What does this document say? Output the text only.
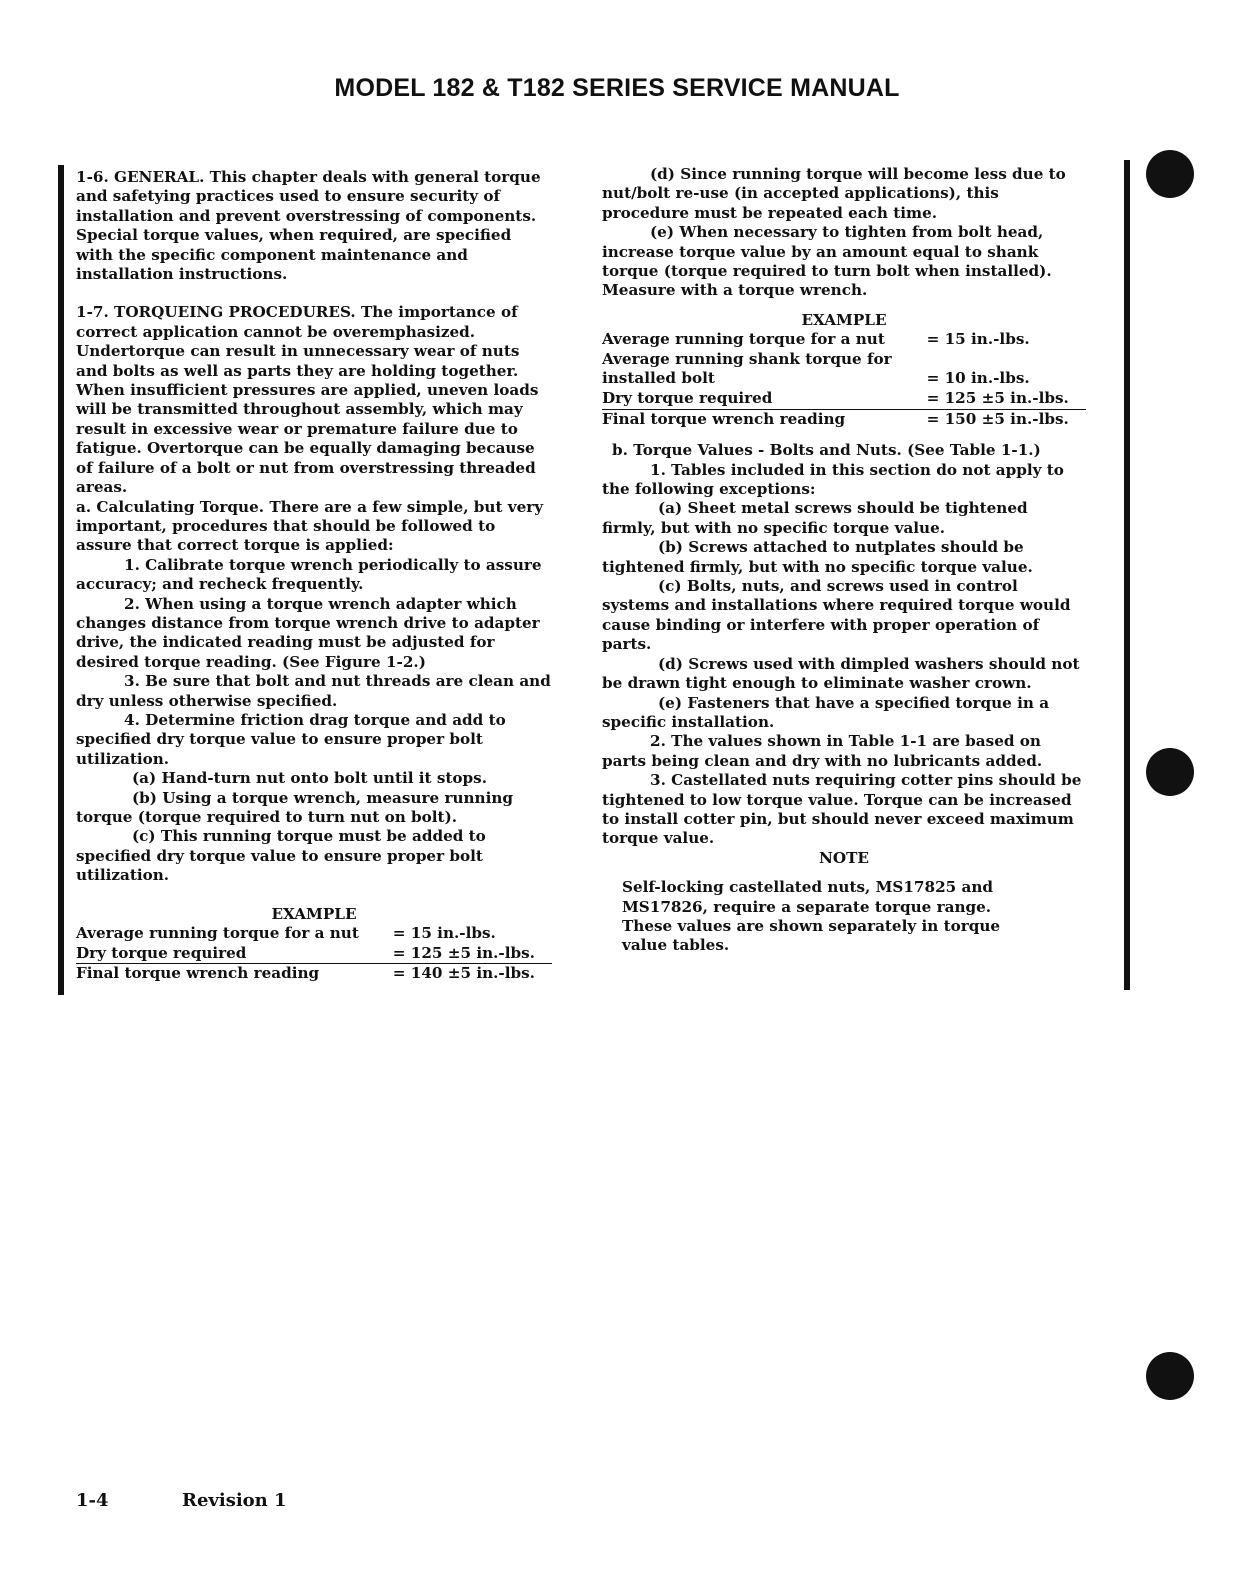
MODEL 182 & T182 SERIES SERVICE MANUAL

1-6. GENERAL. This chapter deals with general torque and safetying practices used to ensure security of installation and prevent overstressing of components. Special torque values, when required, are specified with the specific component maintenance and installation instructions.

1-7. TORQUEING PROCEDURES. The importance of correct application cannot be overemphasized. Undertorque can result in unnecessary wear of nuts and bolts as well as parts they are holding together. When insufficient pressures are applied, uneven loads will be transmitted throughout assembly, which may result in excessive wear or premature failure due to fatigue. Overtorque can be equally damaging because of failure of a bolt or nut from overstressing threaded areas.

a. Calculating Torque. There are a few simple, but very important, procedures that should be followed to assure that correct torque is applied:

1. Calibrate torque wrench periodically to assure accuracy; and recheck frequently.

2. When using a torque wrench adapter which changes distance from torque wrench drive to adapter drive, the indicated reading must be adjusted for desired torque reading. (See Figure 1-2.)

3. Be sure that bolt and nut threads are clean and dry unless otherwise specified.

4. Determine friction drag torque and add to specified dry torque value to ensure proper bolt utilization.

(a) Hand-turn nut onto bolt until it stops.

(b) Using a torque wrench, measure running torque (torque required to turn nut on bolt).

(c) This running torque must be added to specified dry torque value to ensure proper bolt utilization.

EXAMPLE

Average running torque for a nut	= 15 in.-lbs.
Dry torque required	= 125 ±5 in.-lbs.
Final torque wrench reading	= 140 ±5 in.-lbs.

(d) Since running torque will become less due to nut/bolt re-use (in accepted applications), this procedure must be repeated each time.

(e) When necessary to tighten from bolt head, increase torque value by an amount equal to shank torque (torque required to turn bolt when installed). Measure with a torque wrench.

EXAMPLE

Average running torque for a nut	= 15 in.-lbs.
Average running shank torque for	
installed bolt	= 10 in.-lbs.
Dry torque required	= 125 ±5 in.-lbs.
Final torque wrench reading	= 150 ±5 in.-lbs.

b. Torque Values - Bolts and Nuts. (See Table 1-1.)

1. Tables included in this section do not apply to the following exceptions:

(a) Sheet metal screws should be tightened firmly, but with no specific torque value.

(b) Screws attached to nutplates should be tightened firmly, but with no specific torque value.

(c) Bolts, nuts, and screws used in control systems and installations where required torque would cause binding or interfere with proper operation of parts.

(d) Screws used with dimpled washers should not be drawn tight enough to eliminate washer crown.

(e) Fasteners that have a specified torque in a specific installation.

2. The values shown in Table 1-1 are based on parts being clean and dry with no lubricants added.

3. Castellated nuts requiring cotter pins should be tightened to low torque value. Torque can be increased to install cotter pin, but should never exceed maximum torque value.

NOTE

Self-locking castellated nuts, MS17825 and MS17826, require a separate torque range. These values are shown separately in torque value tables.

1-4	Revision 1
